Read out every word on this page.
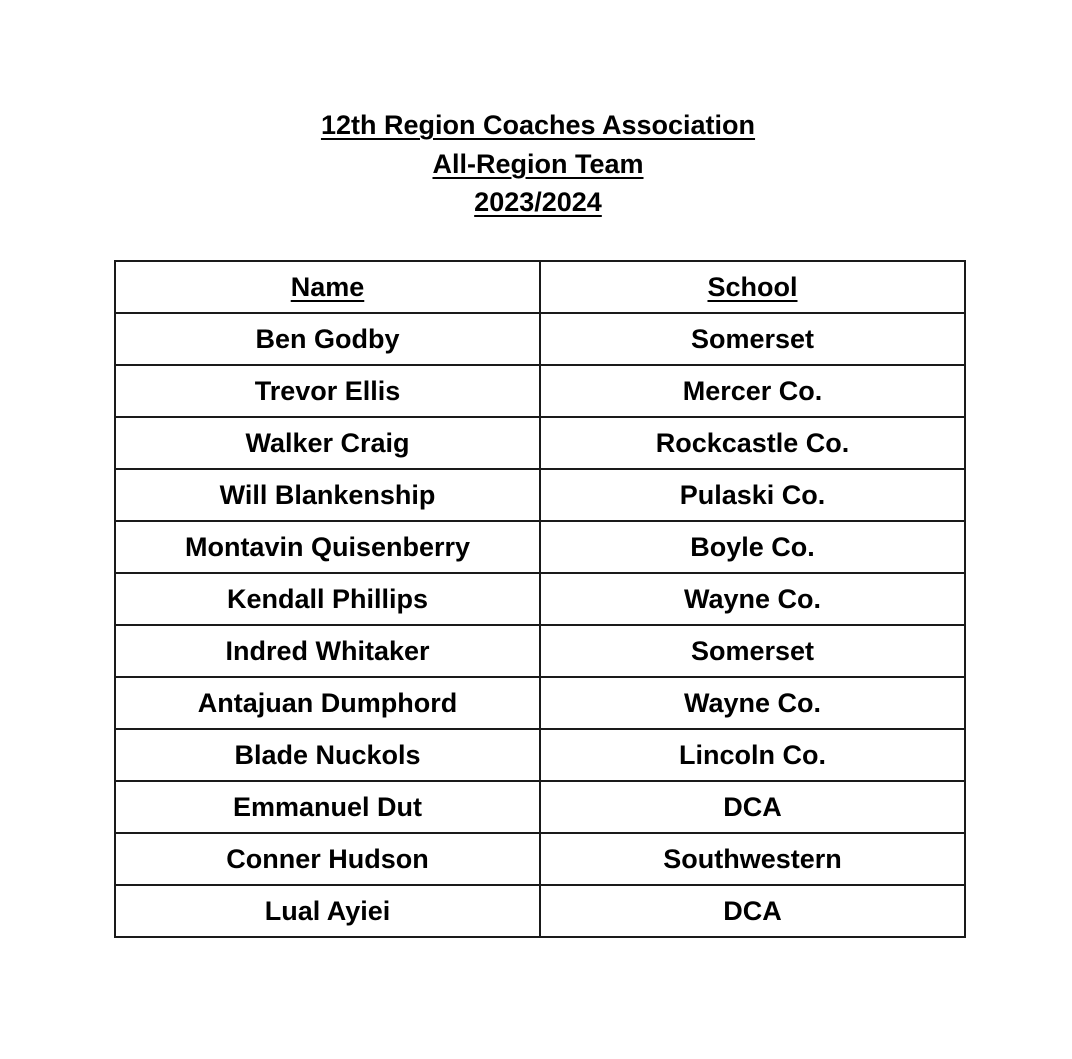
12th Region Coaches Association
All-Region Team
2023/2024
Name	School
Ben Godby	Somerset
Trevor Ellis	Mercer Co.
Walker Craig	Rockcastle Co.
Will Blankenship	Pulaski Co.
Montavin Quisenberry	Boyle Co.
Kendall Phillips	Wayne Co.
Indred Whitaker	Somerset
Antajuan Dumphord	Wayne Co.
Blade Nuckols	Lincoln Co.
Emmanuel Dut	DCA
Conner Hudson	Southwestern
Lual Ayiei	DCA
